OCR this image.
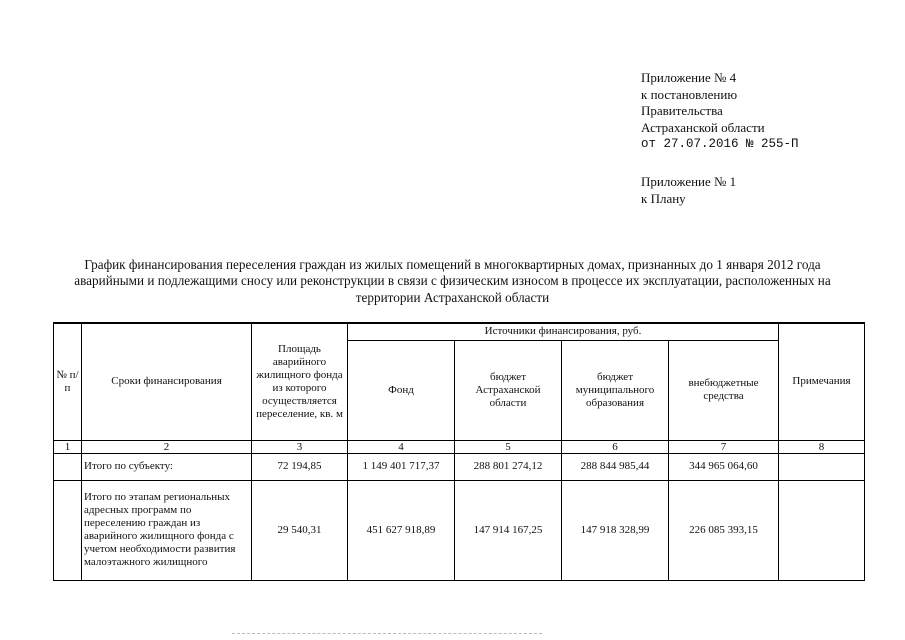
Приложение № 4
к постановлению
Правительства
Астраханской области
от 27.07.2016 № 255-П
Приложение № 1
к Плану
График финансирования переселения граждан из жилых помещений в многоквартирных домах, признанных до 1 января 2012 года аварийными и подлежащими сносу или реконструкции в связи с физическим износом в процессе их эксплуатации, расположенных на территории Астраханской области
№ п/п	Сроки финансирования	Площадь аварийного жилищного фонда из которого осуществляется переселение, кв. м	Источники финансирования, руб.				Примечания
			Фонд	бюджет Астраханской области	бюджет муниципального образования	внебюджетные средства	
1	2	3	4	5	6	7	8
	Итого по субъекту:	72 194,85	1 149 401 717,37	288 801 274,12	288 844 985,44	344 965 064,60	
	Итого по этапам региональных адресных программ по переселению граждан из аварийного жилищного фонда с учетом необходимости развития малоэтажного жилищного	29 540,31	451 627 918,89	147 914 167,25	147 918 328,99	226 085 393,15	
